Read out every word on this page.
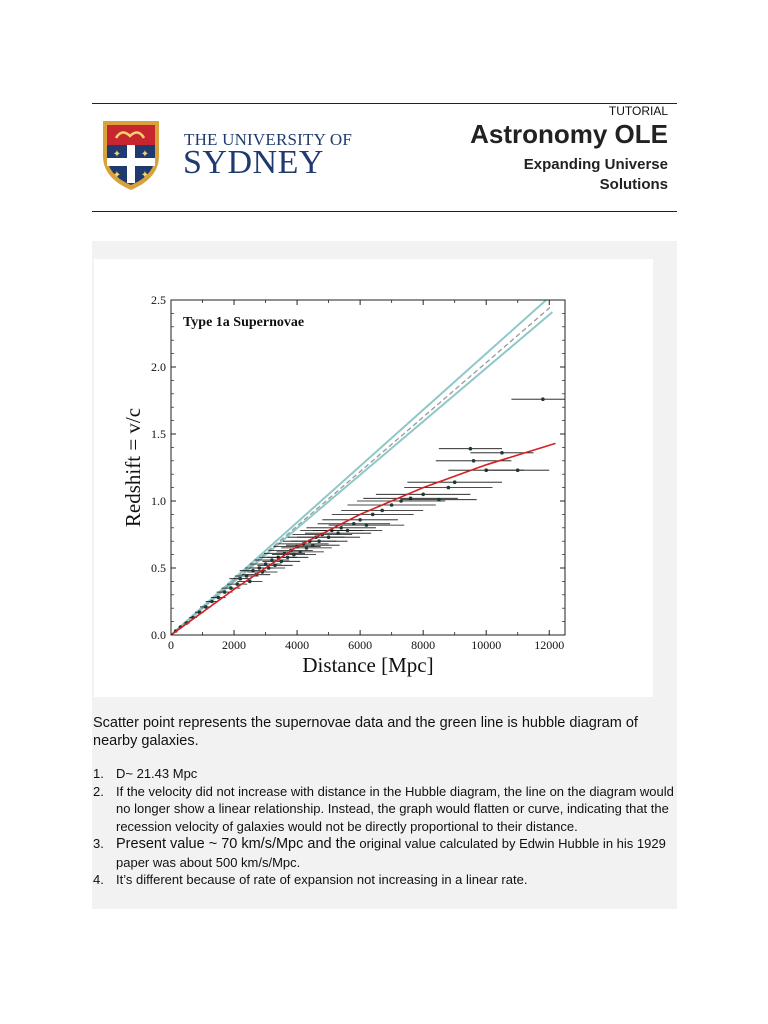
✦ ✦
✦ ✦
THE UNIVERSITY OF
SYDNEY
TUTORIAL
Astronomy OLE
Expanding Universe
Solutions
0	2000	4000	6000	8000	10000	12000
0.0
0.5
1.0
1.5
2.0
2.5
Type 1a Supernovae
Distance [Mpc]
Redshift = v/c
Scatter point represents the supernovae data and the green line is hubble diagram of nearby galaxies.
1. D~ 21.43 Mpc
2. If the velocity did not increase with distance in the Hubble diagram, the line on the diagram would no longer show a linear relationship. Instead, the graph would flatten or curve, indicating that the recession velocity of galaxies would not be directly proportional to their distance.
3. Present value ~ 70 km/s/Mpc and the original value calculated by Edwin Hubble in his 1929 paper was about 500 km/s/Mpc.
4. It’s different because of rate of expansion not increasing in a linear rate.
